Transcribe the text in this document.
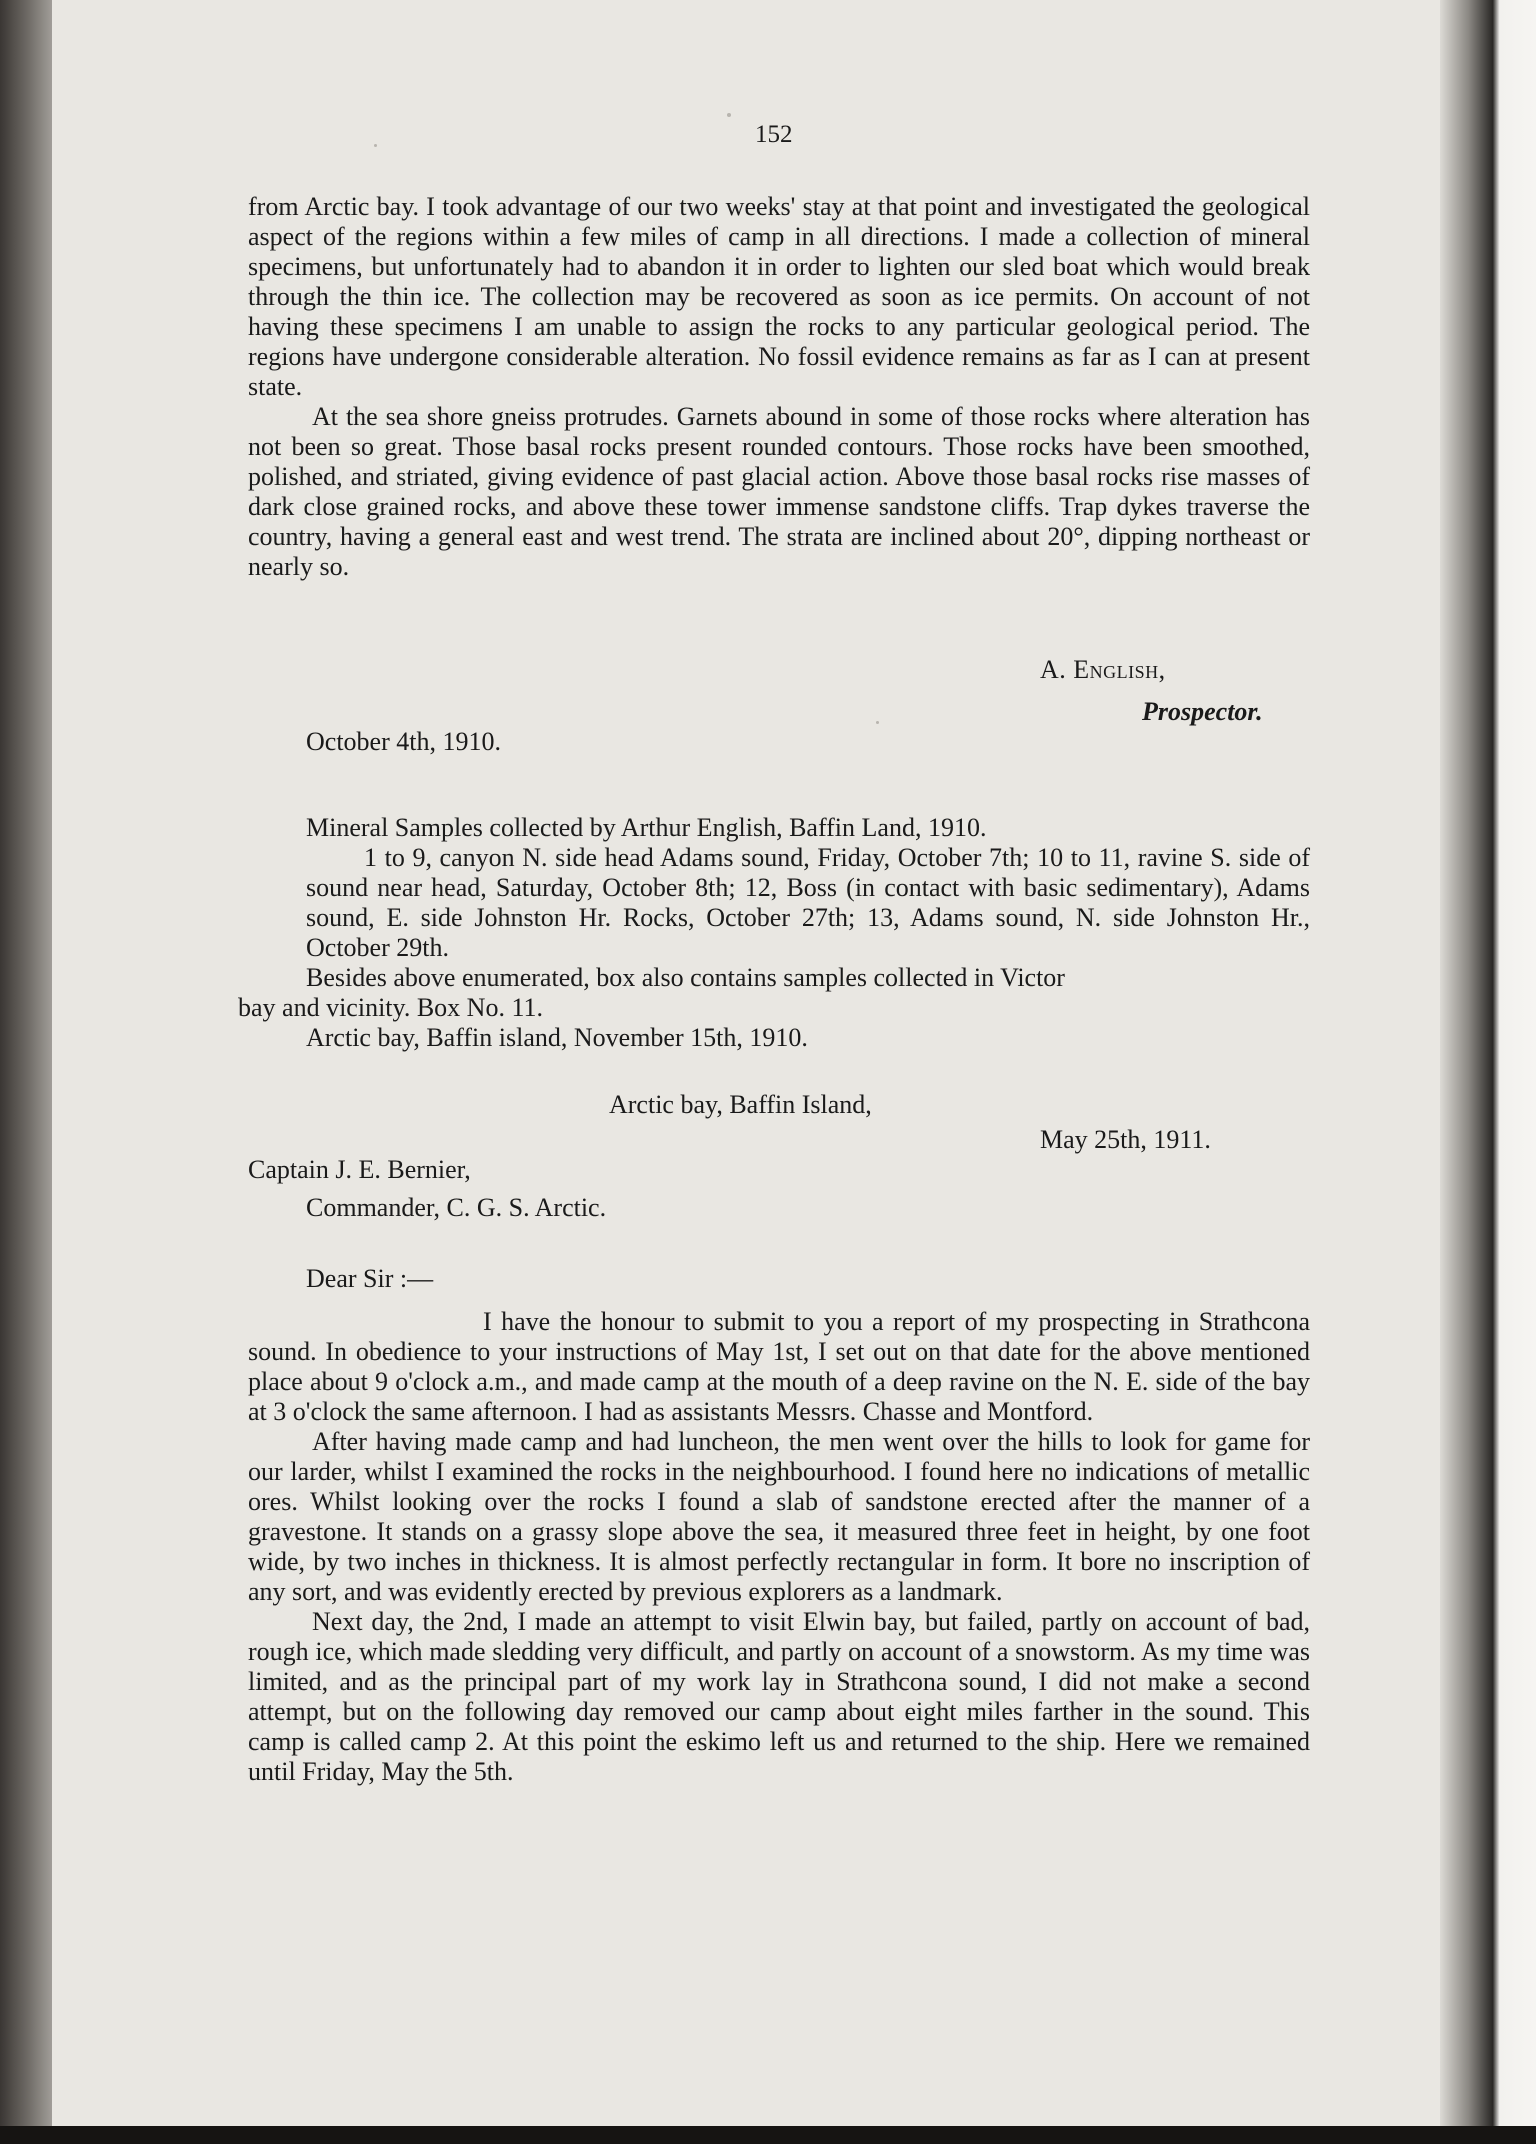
152

from Arctic bay. I took advantage of our two weeks' stay at that point and investigated the geological aspect of the regions within a few miles of camp in all directions. I made a collection of mineral specimens, but unfortunately had to abandon it in order to lighten our sled boat which would break through the thin ice. The collection may be recovered as soon as ice permits. On account of not having these specimens I am unable to assign the rocks to any particular geological period. The regions have undergone considerable alteration. No fossil evidence remains as far as I can at present state.

At the sea shore gneiss protrudes. Garnets abound in some of those rocks where alteration has not been so great. Those basal rocks present rounded contours. Those rocks have been smoothed, polished, and striated, giving evidence of past glacial action. Above those basal rocks rise masses of dark close grained rocks, and above these tower immense sandstone cliffs. Trap dykes traverse the country, having a general east and west trend. The strata are inclined about 20°, dipping northeast or nearly so.

A. English,
Prospector.
October 4th, 1910.

Mineral Samples collected by Arthur English, Baffin Land, 1910.

1 to 9, canyon N. side head Adams sound, Friday, October 7th; 10 to 11, ravine S. side of sound near head, Saturday, October 8th; 12, Boss (in contact with basic sedimentary), Adams sound, E. side Johnston Hr. Rocks, October 27th; 13, Adams sound, N. side Johnston Hr., October 29th.

Besides above enumerated, box also contains samples collected in Victor

bay and vicinity. Box No. 11.

Arctic bay, Baffin island, November 15th, 1910.

Arctic bay, Baffin Island,
May 25th, 1911.
Captain J. E. Bernier,
Commander, C. G. S. Arctic.
Dear Sir :—

I have the honour to submit to you a report of my prospecting in Strathcona sound. In obedience to your instructions of May 1st, I set out on that date for the above mentioned place about 9 o'clock a.m., and made camp at the mouth of a deep ravine on the N. E. side of the bay at 3 o'clock the same afternoon. I had as assistants Messrs. Chasse and Montford.

After having made camp and had luncheon, the men went over the hills to look for game for our larder, whilst I examined the rocks in the neighbourhood. I found here no indications of metallic ores. Whilst looking over the rocks I found a slab of sandstone erected after the manner of a gravestone. It stands on a grassy slope above the sea, it measured three feet in height, by one foot wide, by two inches in thickness. It is almost perfectly rectangular in form. It bore no inscription of any sort, and was evidently erected by previous explorers as a landmark.

Next day, the 2nd, I made an attempt to visit Elwin bay, but failed, partly on account of bad, rough ice, which made sledding very difficult, and partly on account of a snowstorm. As my time was limited, and as the principal part of my work lay in Strathcona sound, I did not make a second attempt, but on the following day removed our camp about eight miles farther in the sound. This camp is called camp 2. At this point the eskimo left us and returned to the ship. Here we remained until Friday, May the 5th.
